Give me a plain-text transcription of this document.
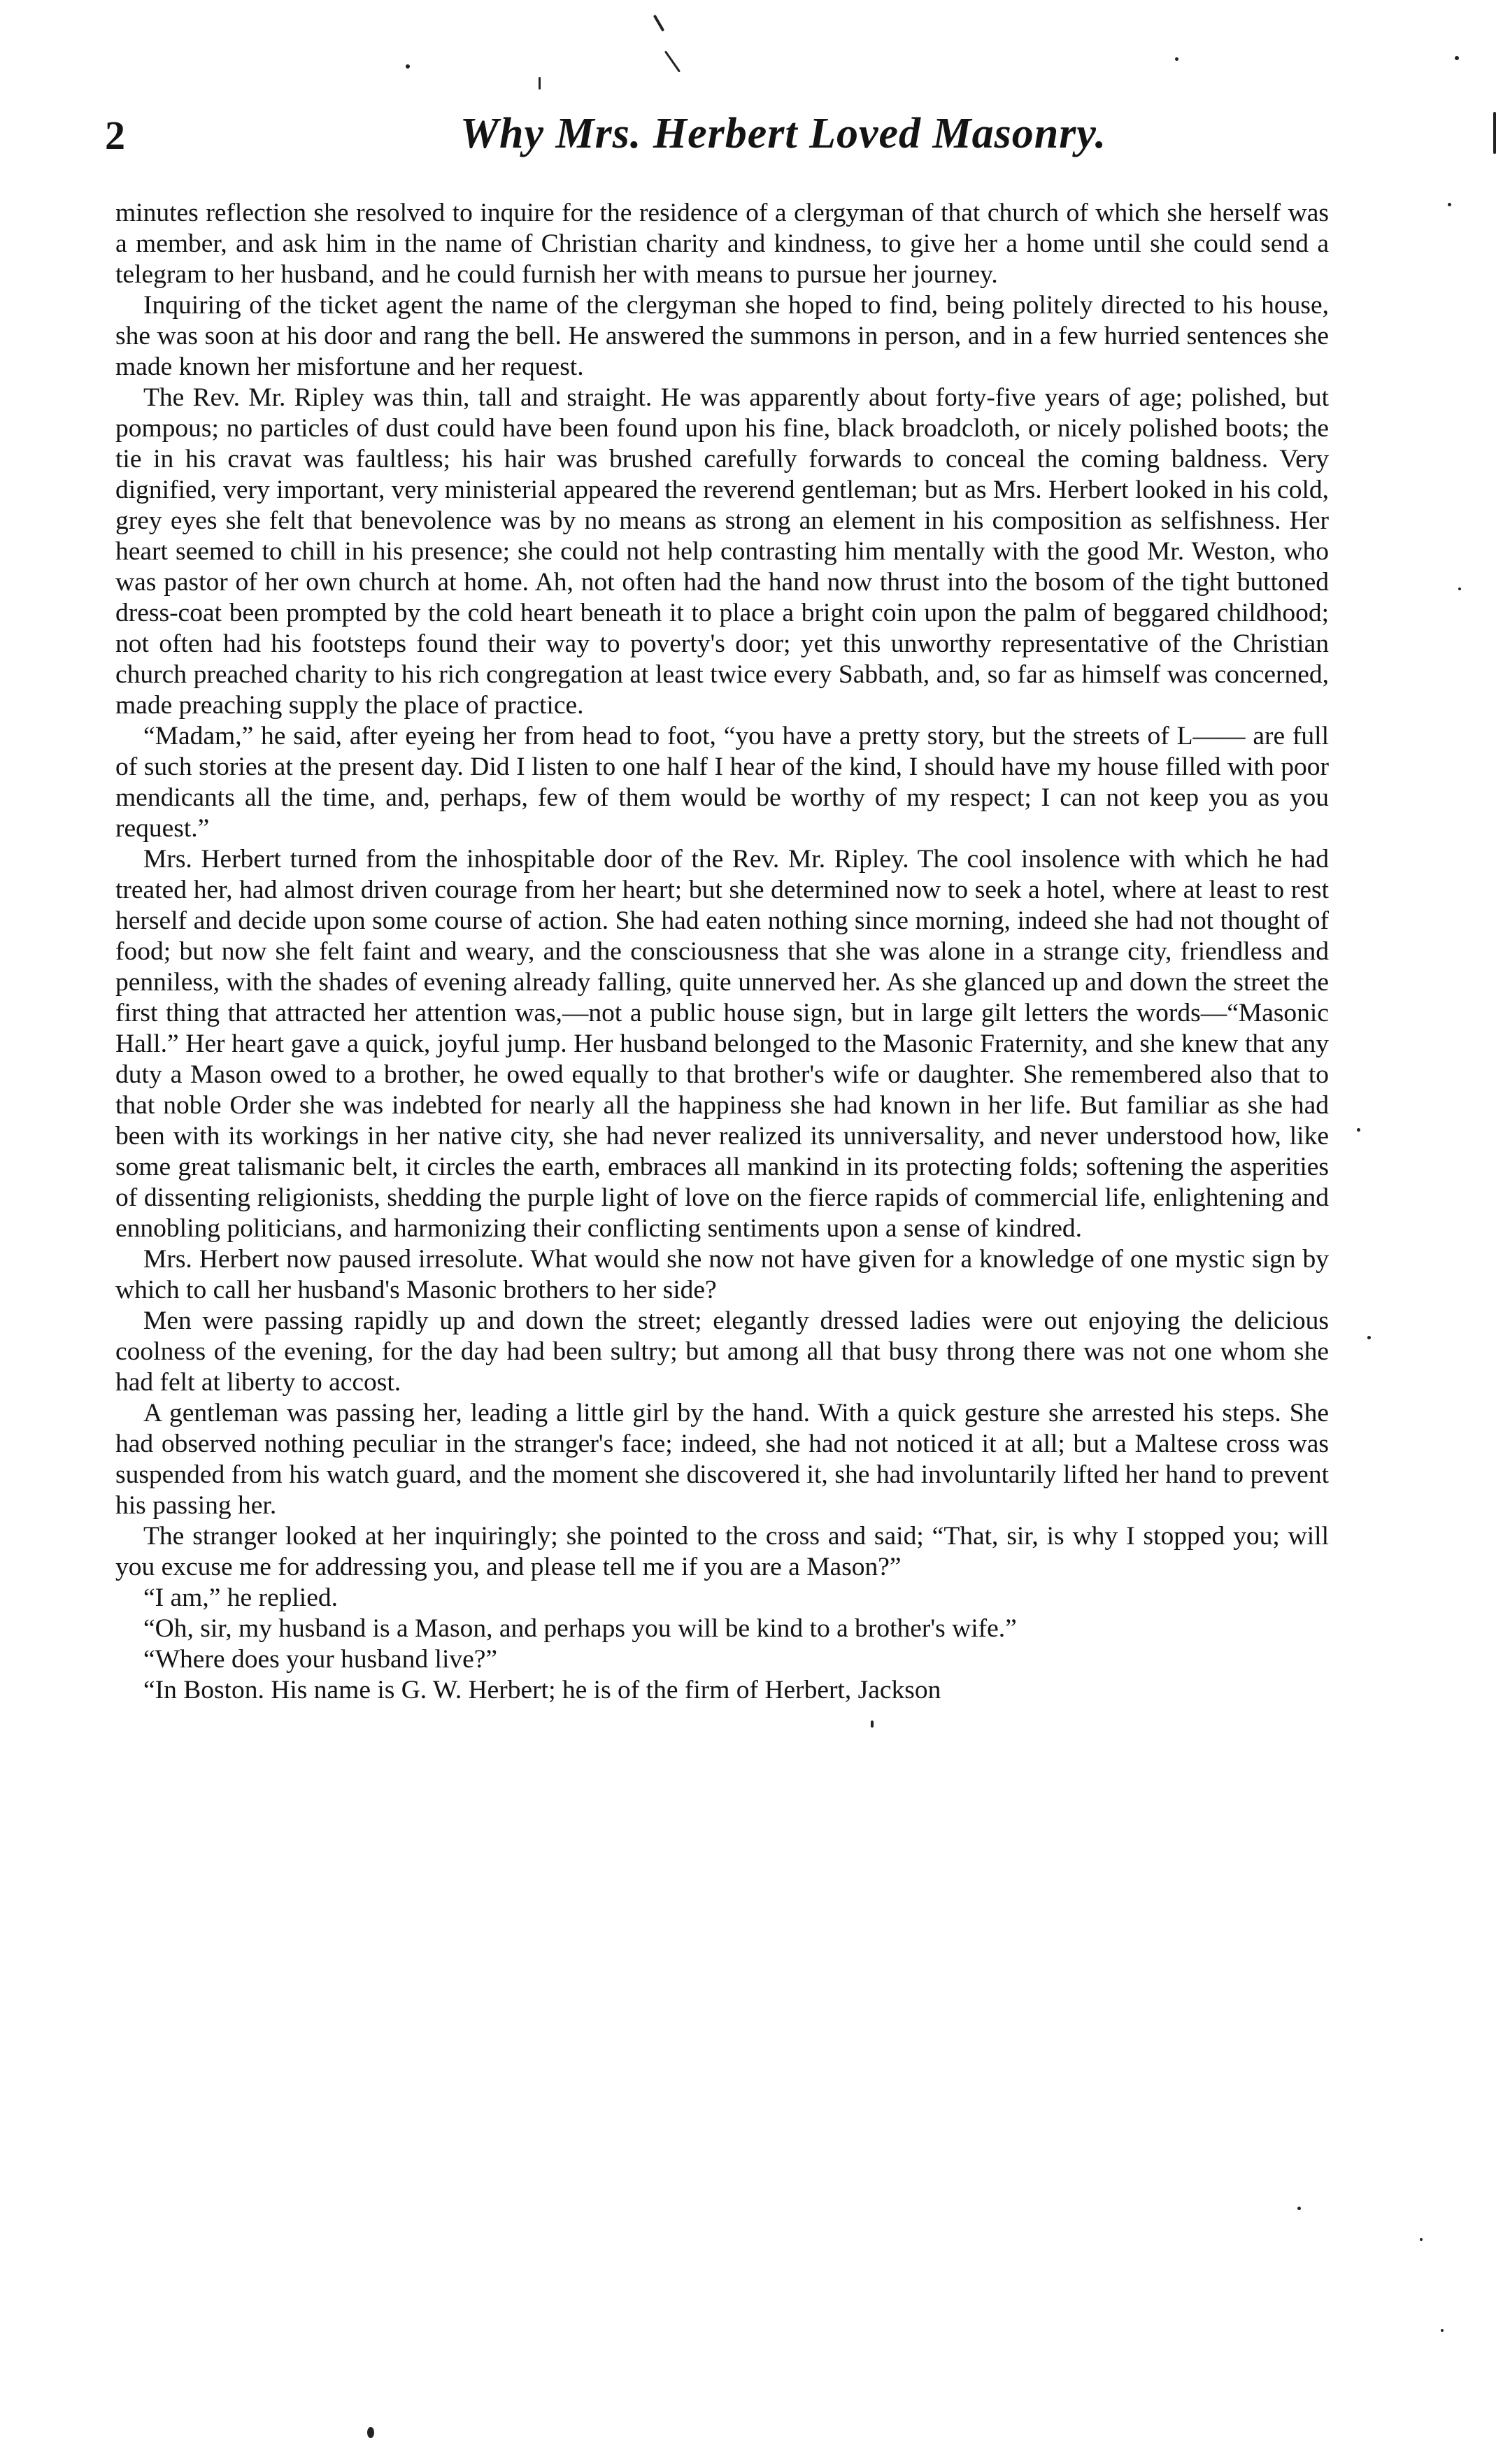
2	Why Mrs. Herbert Loved Masonry.

minutes reflection she resolved to inquire for the residence of a clergyman of that church of which she herself was a member, and ask him in the name of Christian charity and kindness, to give her a home until she could send a telegram to her husband, and he could furnish her with means to pursue her journey.

Inquiring of the ticket agent the name of the clergyman she hoped to find, being politely directed to his house, she was soon at his door and rang the bell. He answered the summons in person, and in a few hurried sentences she made known her misfortune and her request.

The Rev. Mr. Ripley was thin, tall and straight. He was apparently about forty-five years of age; polished, but pompous; no particles of dust could have been found upon his fine, black broadcloth, or nicely polished boots; the tie in his cravat was faultless; his hair was brushed carefully forwards to conceal the coming baldness. Very dignified, very important, very ministerial appeared the reverend gentleman; but as Mrs. Herbert looked in his cold, grey eyes she felt that benevolence was by no means as strong an element in his composition as selfishness. Her heart seemed to chill in his presence; she could not help contrasting him mentally with the good Mr. Weston, who was pastor of her own church at home. Ah, not often had the hand now thrust into the bosom of the tight buttoned dress-coat been prompted by the cold heart beneath it to place a bright coin upon the palm of beggared childhood; not often had his footsteps found their way to poverty's door; yet this unworthy representative of the Christian church preached charity to his rich congregation at least twice every Sabbath, and, so far as himself was concerned, made preaching supply the place of practice.

“Madam,” he said, after eyeing her from head to foot, “you have a pretty story, but the streets of L—— are full of such stories at the present day. Did I listen to one half I hear of the kind, I should have my house filled with poor mendicants all the time, and, perhaps, few of them would be worthy of my respect; I can not keep you as you request.”

Mrs. Herbert turned from the inhospitable door of the Rev. Mr. Ripley. The cool insolence with which he had treated her, had almost driven courage from her heart; but she determined now to seek a hotel, where at least to rest herself and decide upon some course of action. She had eaten nothing since morning, indeed she had not thought of food; but now she felt faint and weary, and the consciousness that she was alone in a strange city, friendless and penniless, with the shades of evening already falling, quite unnerved her. As she glanced up and down the street the first thing that attracted her attention was,—not a public house sign, but in large gilt letters the words—“Masonic Hall.” Her heart gave a quick, joyful jump. Her husband belonged to the Masonic Fraternity, and she knew that any duty a Mason owed to a brother, he owed equally to that brother's wife or daughter. She remembered also that to that noble Order she was indebted for nearly all the happiness she had known in her life. But familiar as she had been with its workings in her native city, she had never realized its unniversality, and never understood how, like some great talismanic belt, it circles the earth, embraces all mankind in its protecting folds; softening the asperities of dissenting religionists, shedding the purple light of love on the fierce rapids of commercial life, enlightening and ennobling politicians, and harmonizing their conflicting sentiments upon a sense of kindred.

Mrs. Herbert now paused irresolute. What would she now not have given for a knowledge of one mystic sign by which to call her husband's Masonic brothers to her side?

Men were passing rapidly up and down the street; elegantly dressed ladies were out enjoying the delicious coolness of the evening, for the day had been sultry; but among all that busy throng there was not one whom she had felt at liberty to accost.

A gentleman was passing her, leading a little girl by the hand. With a quick gesture she arrested his steps. She had observed nothing peculiar in the stranger's face; indeed, she had not noticed it at all; but a Maltese cross was suspended from his watch guard, and the moment she discovered it, she had involuntarily lifted her hand to prevent his passing her.

The stranger looked at her inquiringly; she pointed to the cross and said; “That, sir, is why I stopped you; will you excuse me for addressing you, and please tell me if you are a Mason?”

“I am,” he replied.

“Oh, sir, my husband is a Mason, and perhaps you will be kind to a brother's wife.”

“Where does your husband live?”

“In Boston. His name is G. W. Herbert; he is of the firm of Herbert, Jackson
